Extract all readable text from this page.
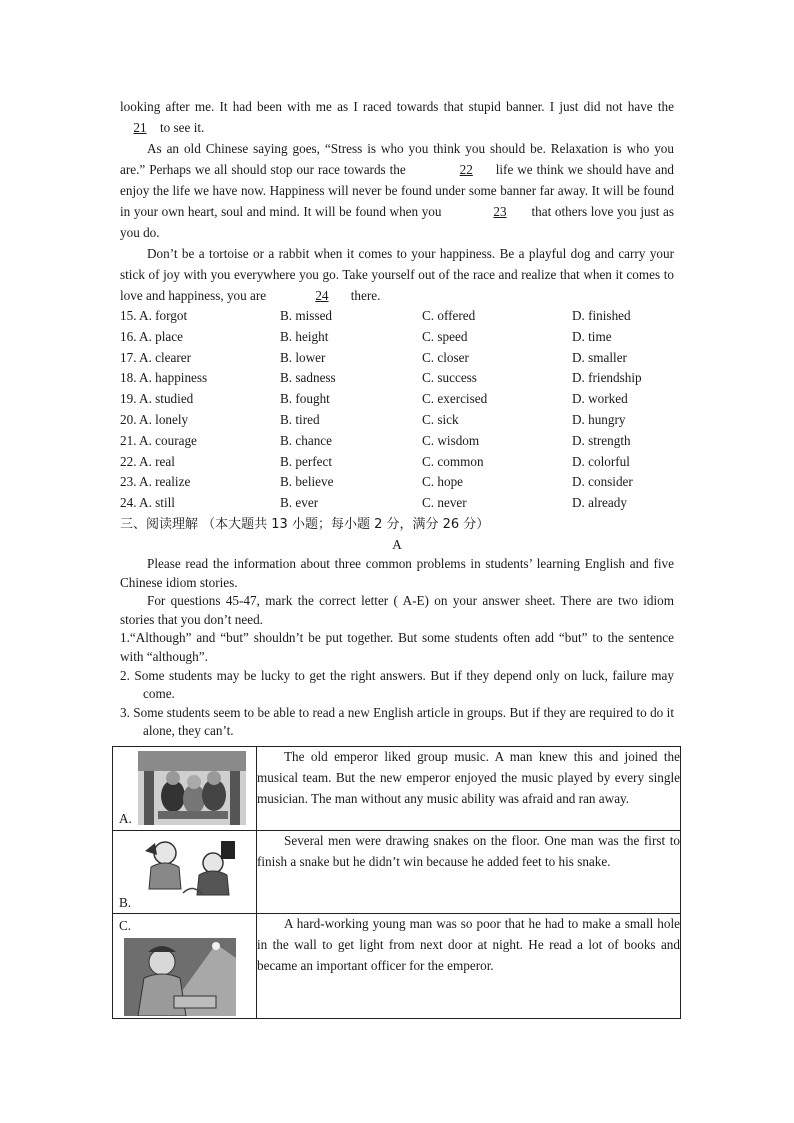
looking after me. It had been with me as I raced towards that stupid banner. I just did not have the 21 to see it.

As an old Chinese saying goes, “Stress is who you think you should be. Relaxation is who you are.” Perhaps we all should stop our race towards the	22 life we think we should have and enjoy the life we have now. Happiness will never be found under some banner far away. It will be found in your own heart, soul and mind. It will be found when you	23 that others love you just as you do.

Don’t be a tortoise or a rabbit when it comes to your happiness. Be a playful dog and carry your stick of joy with you everywhere you go. Take yourself out of the race and realize that when it comes to love and happiness, you are	24 there.

15. A. forgot	B. missed	C. offered	D. finished
16. A. place	B. height	C. speed	D. time
17. A. clearer	B. lower	C. closer	D. smaller
18. A. happiness	B. sadness	C. success	D. friendship
19. A. studied	B. fought	C. exercised	D. worked
20. A. lonely	B. tired	C. sick	D. hungry
21. A. courage	B. chance	C. wisdom	D. strength
22. A. real	B. perfect	C. common	D. colorful
23. A. realize	B. believe	C. hope	D. consider
24. A. still	B. ever	C. never	D. already
三、阅读理解 （本大题共 13 小题；每小题 2 分，满分 26 分）
A

Please read the information about three common problems in students’ learning English and five Chinese idiom stories.

For questions 45-47, mark the correct letter ( A-E) on your answer sheet. There are two idiom stories that you don’t need.

1.“Although” and “but” shouldn’t be put together. But some students often add “but” to the sentence with “although”.

2. Some students may be lucky to get the right answers. But if they depend only on luck, failure may come.

3. Some students seem to be able to read a new English article in groups. But if they are required to do it alone, they can’t.

A.	The old emperor liked group music. A man knew this and joined the musical team. But the new emperor enjoyed the music played by every single musician. The man without any music ability was afraid and ran away.

B.	Several men were drawing snakes on the floor. One man was the first to finish a snake but he didn’t win because he added feet to his snake.

C.	A hard-working young man was so poor that he had to make a small hole in the wall to get light from next door at night. He read a lot of books and became an important officer for the emperor.
